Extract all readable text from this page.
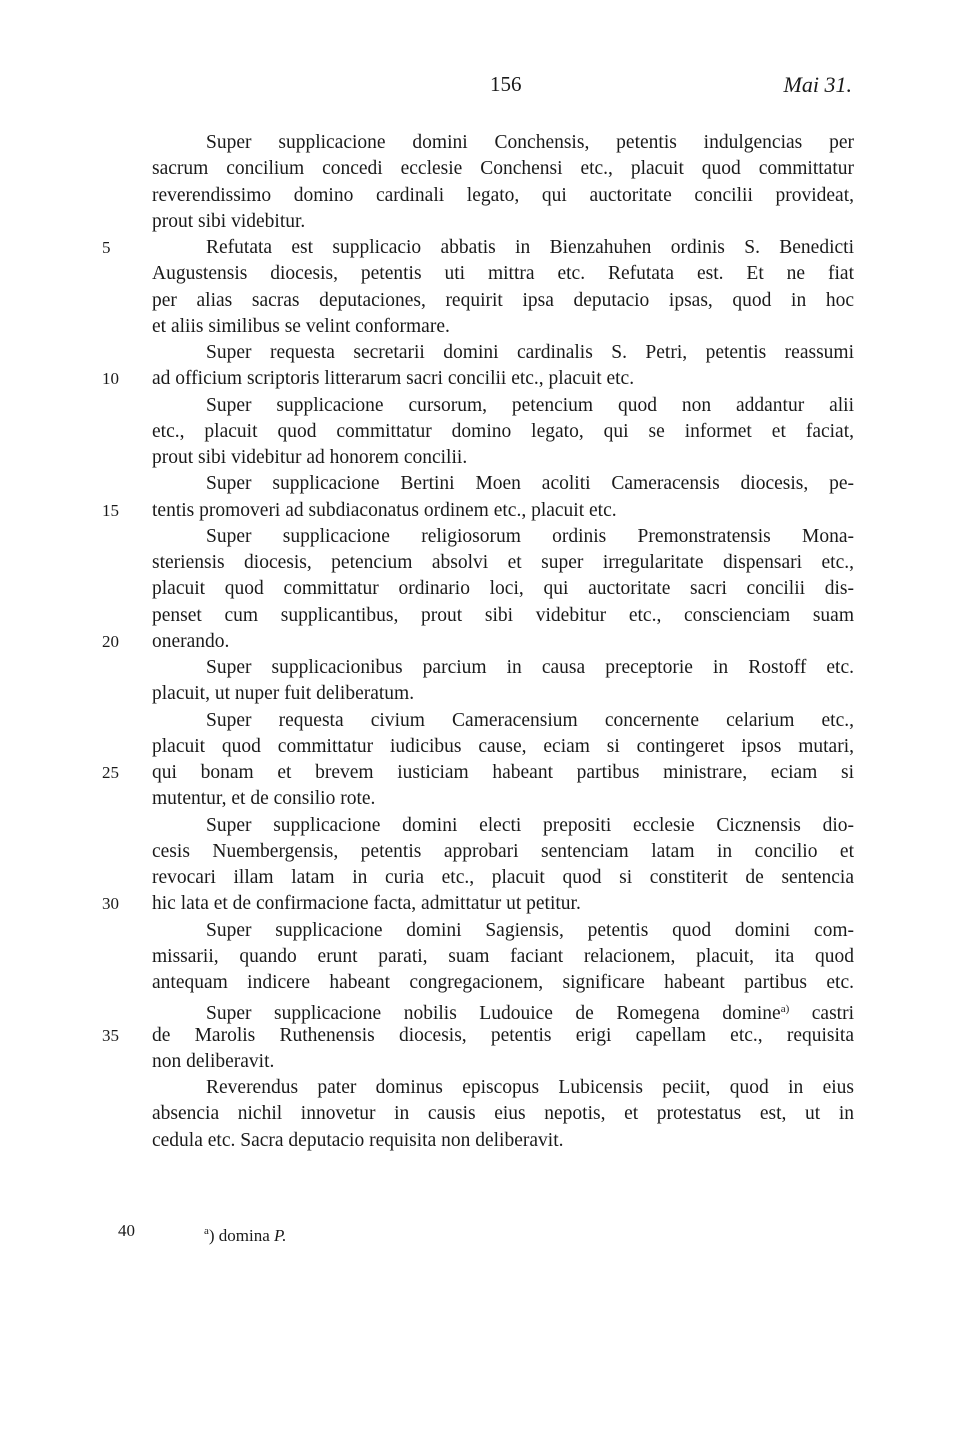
156	Mai 31.
Super supplicacione domini Conchensis, petentis indulgencias per
sacrum concilium concedi ecclesie Conchensi etc., placuit quod committatur
reverendissimo domino cardinali legato, qui auctoritate concilii provideat,
prout sibi videbitur.
Refutata est supplicacio abbatis in Bienzahuhen ordinis S. Benedicti
5
Augustensis diocesis, petentis uti mittra etc. Refutata est. Et ne fiat
per alias sacras deputaciones, requirit ipsa deputacio ipsas, quod in hoc
et aliis similibus se velint conformare.
Super requesta secretarii domini cardinalis S. Petri, petentis reassumi
ad officium scriptoris litterarum sacri concilii etc., placuit etc.
10
Super supplicacione cursorum, petencium quod non addantur alii
etc., placuit quod committatur domino legato, qui se informet et faciat,
prout sibi videbitur ad honorem concilii.
Super supplicacione Bertini Moen acoliti Cameracensis diocesis, pe-
tentis promoveri ad subdiaconatus ordinem etc., placuit etc.
15
Super supplicacione religiosorum ordinis Premonstratensis Mona-
steriensis diocesis, petencium absolvi et super irregularitate dispensari etc.,
placuit quod committatur ordinario loci, qui auctoritate sacri concilii dis-
penset cum supplicantibus, prout sibi videbitur etc., conscienciam suam
onerando.
20
Super supplicacionibus parcium in causa preceptorie in Rostoff etc.
placuit, ut nuper fuit deliberatum.
Super requesta civium Cameracensium concernente celarium etc.,
placuit quod committatur iudicibus cause, eciam si contingeret ipsos mutari,
qui bonam et brevem iusticiam habeant partibus ministrare, eciam si
25
mutentur, et de consilio rote.
Super supplicacione domini electi prepositi ecclesie Cicznensis dio-
cesis Nuembergensis, petentis approbari sentenciam latam in concilio et
revocari illam latam in curia etc., placuit quod si constiterit de sentencia
hic lata et de confirmacione facta, admittatur ut petitur.
30
Super supplicacione domini Sagiensis, petentis quod domini com-
missarii, quando erunt parati, suam faciant relacionem, placuit, ita quod
antequam indicere habeant congregacionem, significare habeant partibus etc.
Super supplicacione nobilis Ludouice de Romegena domine$^{a)}$ castri
de Marolis Ruthenensis diocesis, petentis erigi capellam etc., requisita
35
non deliberavit.
Reverendus pater dominus episcopus Lubicensis peciit, quod in eius
absencia nichil innovetur in causis eius nepotis, et protestatus est, ut in
cedula etc. Sacra deputacio requisita non deliberavit.
40	$^a$) domina P.
